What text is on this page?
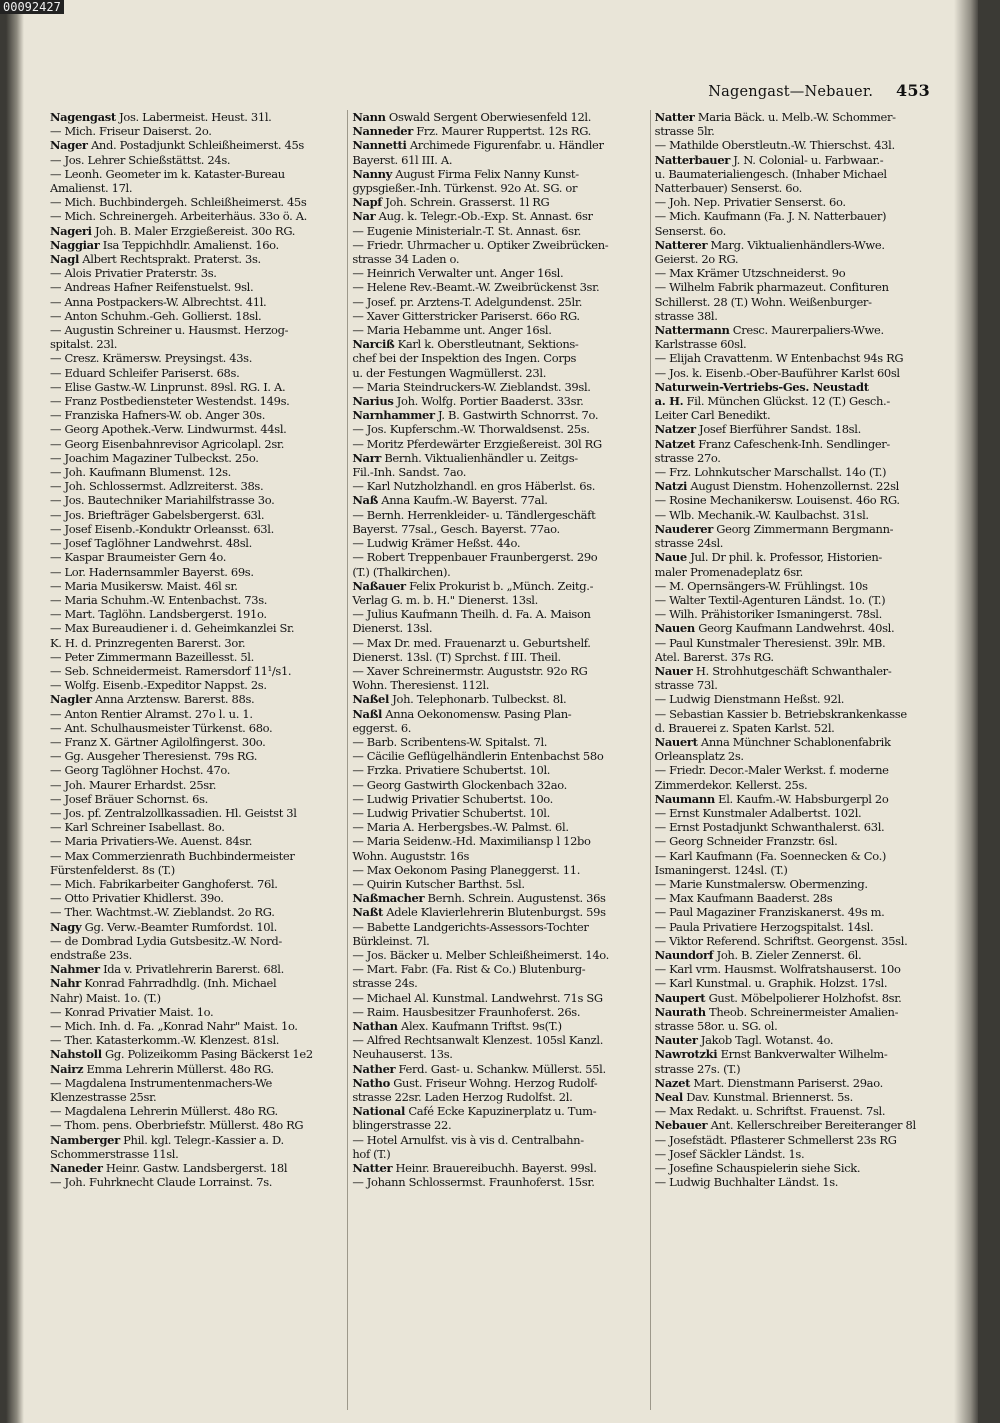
Nagengast—Nebauer. 453
Nagengast Jos. Labermeist. Heust. 31l.
— Mich. Friseur Daiserst. 2o.
Nager And. Postadjunkt Schleißheimerst. 45s
— Jos. Lehrer Schießstättst. 24s.
— Leonh. Geometer im k. Kataster-Bureau
Amalienst. 17l.
— Mich. Buchbindergeh. Schleißheimerst. 45s
— Mich. Schreinergeh. Arbeiterhäus. 33o ö. A.
Nageri Joh. B. Maler Erzgießereist. 30o RG.
Naggiar Isa Teppichhdlr. Amalienst. 16o.
Nagl Albert Rechtsprakt. Praterst. 3s.
— Alois Privatier Praterstr. 3s.
— Andreas Hafner Reifenstuelst. 9sl.
— Anna Postpackers-W. Albrechtst. 41l.
— Anton Schuhm.-Geh. Gollierst. 18sl.
— Augustin Schreiner u. Hausmst. Herzog-
spitalst. 23l.
— Cresz. Krämersw. Preysingst. 43s.
— Eduard Schleifer Pariserst. 68s.
— Elise Gastw.-W. Linprunst. 89sl. RG. I. A.
— Franz Postbediensteter Westendst. 149s.
— Franziska Hafners-W. ob. Anger 30s.
— Georg Apothek.-Verw. Lindwurmst. 44sl.
— Georg Eisenbahnrevisor Agricolapl. 2sr.
— Joachim Magaziner Tulbeckst. 25o.
— Joh. Kaufmann Blumenst. 12s.
— Joh. Schlossermst. Adlzreiterst. 38s.
— Jos. Bautechniker Mariahilfstrasse 3o.
— Jos. Briefträger Gabelsbergerst. 63l.
— Josef Eisenb.-Konduktr Orleansst. 63l.
— Josef Taglöhner Landwehrst. 48sl.
— Kaspar Braumeister Gern 4o.
— Lor. Hadernsammler Bayerst. 69s.
— Maria Musikersw. Maist. 46l sr.
— Maria Schuhm.-W. Entenbachst. 73s.
— Mart. Taglöhn. Landsbergerst. 191o.
— Max Bureaudiener i. d. Geheimkanzlei Sr.
K. H. d. Prinzregenten Barerst. 3or.
— Peter Zimmermann Bazeillesst. 5l.
— Seb. Schneidermeist. Ramersdorf 11¹/s1.
— Wolfg. Eisenb.-Expeditor Nappst. 2s.
Nagler Anna Arztensw. Barerst. 88s.
— Anton Rentier Alramst. 27o l. u. 1.
— Ant. Schulhausmeister Türkenst. 68o.
— Franz X. Gärtner Agilolfingerst. 30o.
— Gg. Ausgeher Theresienst. 79s RG.
— Georg Taglöhner Hochst. 47o.
— Joh. Maurer Erhardst. 25sr.
— Josef Bräuer Schornst. 6s.
— Jos. pf. Zentralzollkassadien. Hl. Geistst 3l
— Karl Schreiner Isabellast. 8o.
— Maria Privatiers-We. Auenst. 84sr.
— Max Commerzienrath Buchbindermeister
Fürstenfelderst. 8s (T.)
— Mich. Fabrikarbeiter Ganghoferst. 76l.
— Otto Privatier Khidlerst. 39o.
— Ther. Wachtmst.-W. Zieblandst. 2o RG.
Nagy Gg. Verw.-Beamter Rumfordst. 10l.
— de Dombrad Lydia Gutsbesitz.-W. Nord-
endstraße 23s.
Nahmer Ida v. Privatlehrerin Barerst. 68l.
Nahr Konrad Fahrradhdlg. (Inh. Michael
Nahr) Maist. 1o. (T.)
— Konrad Privatier Maist. 1o.
— Mich. Inh. d. Fa. „Konrad Nahr" Maist. 1o.
— Ther. Katasterkomm.-W. Klenzest. 81sl.
Nahstoll Gg. Polizeikomm Pasing Bäckerst 1e2
Nairz Emma Lehrerin Müllerst. 48o RG.
— Magdalena Instrumentenmachers-We
Klenzestrasse 25sr.
— Magdalena Lehrerin Müllerst. 48o RG.
— Thom. pens. Oberbriefstr. Müllerst. 48o RG
Namberger Phil. kgl. Telegr.-Kassier a. D.
Schommerstrasse 11sl.
Naneder Heinr. Gastw. Landsbergerst. 18l
— Joh. Fuhrknecht Claude Lorrainst. 7s.
Nann Oswald Sergent Oberwiesenfeld 12l.
Nanneder Frz. Maurer Ruppertst. 12s RG.
Nannetti Archimede Figurenfabr. u. Händler
Bayerst. 61l III. A.
Nanny August Firma Felix Nanny Kunst-
gypsgießer.-Inh. Türkenst. 92o At. SG. or
Napf Joh. Schrein. Grasserst. 1l RG
Nar Aug. k. Telegr.-Ob.-Exp. St. Annast. 6sr
— Eugenie Ministerialr.-T. St. Annast. 6sr.
— Friedr. Uhrmacher u. Optiker Zweibrücken-
strasse 34 Laden o.
— Heinrich Verwalter unt. Anger 16sl.
— Helene Rev.-Beamt.-W. Zweibrückenst 3sr.
— Josef. pr. Arztens-T. Adelgundenst. 25lr.
— Xaver Gitterstricker Pariserst. 66o RG.
— Maria Hebamme unt. Anger 16sl.
Narciß Karl k. Oberstleutnant, Sektions-
chef bei der Inspektion des Ingen. Corps
u. der Festungen Wagmüllerst. 23l.
— Maria Steindruckers-W. Zieblandst. 39sl.
Narius Joh. Wolfg. Portier Baaderst. 33sr.
Narnhammer J. B. Gastwirth Schnorrst. 7o.
— Jos. Kupferschm.-W. Thorwaldsenst. 25s.
— Moritz Pferdewärter Erzgießereist. 30l RG
Narr Bernh. Viktualienhändler u. Zeitgs-
Fil.-Inh. Sandst. 7ao.
— Karl Nutzholzhandl. en gros Häberlst. 6s.
Naß Anna Kaufm.-W. Bayerst. 77al.
— Bernh. Herrenkleider- u. Tändlergeschäft
Bayerst. 77sal., Gesch. Bayerst. 77ao.
— Ludwig Krämer Heßst. 44o.
— Robert Treppenbauer Fraunbergerst. 29o
(T.) (Thalkirchen).
Naßauer Felix Prokurist b. „Münch. Zeitg.-
Verlag G. m. b. H." Dienerst. 13sl.
— Julius Kaufmann Theilh. d. Fa. A. Maison
Dienerst. 13sl.
— Max Dr. med. Frauenarzt u. Geburtshelf.
Dienerst. 13sl. (T) Sprchst. f III. Theil.
— Xaver Schreinermstr. Auguststr. 92o RG
Wohn. Theresienst. 112l.
Naßel Joh. Telephonarb. Tulbeckst. 8l.
Naßl Anna Oekonomensw. Pasing Plan-
eggerst. 6.
— Barb. Scribentens-W. Spitalst. 7l.
— Cäcilie Geflügelhändlerin Entenbachst 58o
— Frzka. Privatiere Schubertst. 10l.
— Georg Gastwirth Glockenbach 32ao.
— Ludwig Privatier Schubertst. 10o.
— Ludwig Privatier Schubertst. 10l.
— Maria A. Herbergsbes.-W. Palmst. 6l.
— Maria Seidenw.-Hd. Maximiliansp l 12bo
Wohn. Auguststr. 16s
— Max Oekonom Pasing Planeggerst. 11.
— Quirin Kutscher Barthst. 5sl.
Naßmacher Bernh. Schrein. Augustenst. 36s
Naßt Adele Klavierlehrerin Blutenburgst. 59s
— Babette Landgerichts-Assessors-Tochter
Bürkleinst. 7l.
— Jos. Bäcker u. Melber Schleißheimerst. 14o.
— Mart. Fabr. (Fa. Rist & Co.) Blutenburg-
strasse 24s.
— Michael Al. Kunstmal. Landwehrst. 71s SG
— Raim. Hausbesitzer Fraunhoferst. 26s.
Nathan Alex. Kaufmann Triftst. 9s(T.)
— Alfred Rechtsanwalt Klenzest. 105sl Kanzl.
Neuhauserst. 13s.
Nather Ferd. Gast- u. Schankw. Müllerst. 55l.
Natho Gust. Friseur Wohng. Herzog Rudolf-
strasse 22sr. Laden Herzog Rudolfst. 2l.
National Café Ecke Kapuzinerplatz u. Tum-
blingerstrasse 22.
— Hotel Arnulfst. vis à vis d. Centralbahn-
hof (T.)
Natter Heinr. Brauereibuchh. Bayerst. 99sl.
— Johann Schlossermst. Fraunhoferst. 15sr.
Natter Maria Bäck. u. Melb.-W. Schommer-
strasse 5lr.
— Mathilde Oberstleutn.-W. Thierschst. 43l.
Natterbauer J. N. Colonial- u. Farbwaar.-
u. Baumaterialiengesch. (Inhaber Michael
Natterbauer) Senserst. 6o.
— Joh. Nep. Privatier Senserst. 6o.
— Mich. Kaufmann (Fa. J. N. Natterbauer)
Senserst. 6o.
Natterer Marg. Viktualienhändlers-Wwe.
Geierst. 2o RG.
— Max Krämer Utzschneiderst. 9o
— Wilhelm Fabrik pharmazeut. Confituren
Schillerst. 28 (T.) Wohn. Weißenburger-
strasse 38l.
Nattermann Cresc. Maurerpaliers-Wwe.
Karlstrasse 60sl.
— Elijah Cravattenm. W Entenbachst 94s RG
— Jos. k. Eisenb.-Ober-Bauführer Karlst 60sl
Naturwein-Vertriebs-Ges. Neustadt
a. H. Fil. München Glückst. 12 (T.) Gesch.-
Leiter Carl Benedikt.
Natzer Josef Bierführer Sandst. 18sl.
Natzet Franz Cafeschenk-Inh. Sendlinger-
strasse 27o.
— Frz. Lohnkutscher Marschallst. 14o (T.)
Natzi August Dienstm. Hohenzollernst. 22sl
— Rosine Mechanikersw. Louisenst. 46o RG.
— Wlb. Mechanik.-W. Kaulbachst. 31sl.
Nauderer Georg Zimmermann Bergmann-
strasse 24sl.
Naue Jul. Dr phil. k. Professor, Historien-
maler Promenadeplatz 6sr.
— M. Opernsängers-W. Frühlingst. 10s
— Walter Textil-Agenturen Ländst. 1o. (T.)
— Wilh. Prähistoriker Ismaningerst. 78sl.
Nauen Georg Kaufmann Landwehrst. 40sl.
— Paul Kunstmaler Theresienst. 39lr. MB.
Atel. Barerst. 37s RG.
Nauer H. Strohhutgeschäft Schwanthaler-
strasse 73l.
— Ludwig Dienstmann Heßst. 92l.
— Sebastian Kassier b. Betriebskrankenkasse
d. Brauerei z. Spaten Karlst. 52l.
Nauert Anna Münchner Schablonenfabrik
Orleansplatz 2s.
— Friedr. Decor.-Maler Werkst. f. moderne
Zimmerdekor. Kellerst. 25s.
Naumann El. Kaufm.-W. Habsburgerpl 2o
— Ernst Kunstmaler Adalbertst. 102l.
— Ernst Postadjunkt Schwanthalerst. 63l.
— Georg Schneider Franzstr. 6sl.
— Karl Kaufmann (Fa. Soennecken & Co.)
Ismaningerst. 124sl. (T.)
— Marie Kunstmalersw. Obermenzing.
— Max Kaufmann Baaderst. 28s
— Paul Magaziner Franziskanerst. 49s m.
— Paula Privatiere Herzogspitalst. 14sl.
— Viktor Referend. Schriftst. Georgenst. 35sl.
Naundorf Joh. B. Zieler Zennerst. 6l.
— Karl vrm. Hausmst. Wolfratshauserst. 10o
— Karl Kunstmal. u. Graphik. Holzst. 17sl.
Naupert Gust. Möbelpolierer Holzhofst. 8sr.
Naurath Theob. Schreinermeister Amalien-
strasse 58or. u. SG. ol.
Nauter Jakob Tagl. Wotanst. 4o.
Nawrotzki Ernst Bankverwalter Wilhelm-
strasse 27s. (T.)
Nazet Mart. Dienstmann Pariserst. 29ao.
Neal Dav. Kunstmal. Briennerst. 5s.
— Max Redakt. u. Schriftst. Frauenst. 7sl.
Nebauer Ant. Kellerschreiber Bereiteranger 8l
— Josefstädt. Pflasterer Schmellerst 23s RG
— Josef Säckler Ländst. 1s.
— Josefine Schauspielerin siehe Sick.
— Ludwig Buchhalter Ländst. 1s.
00092427
